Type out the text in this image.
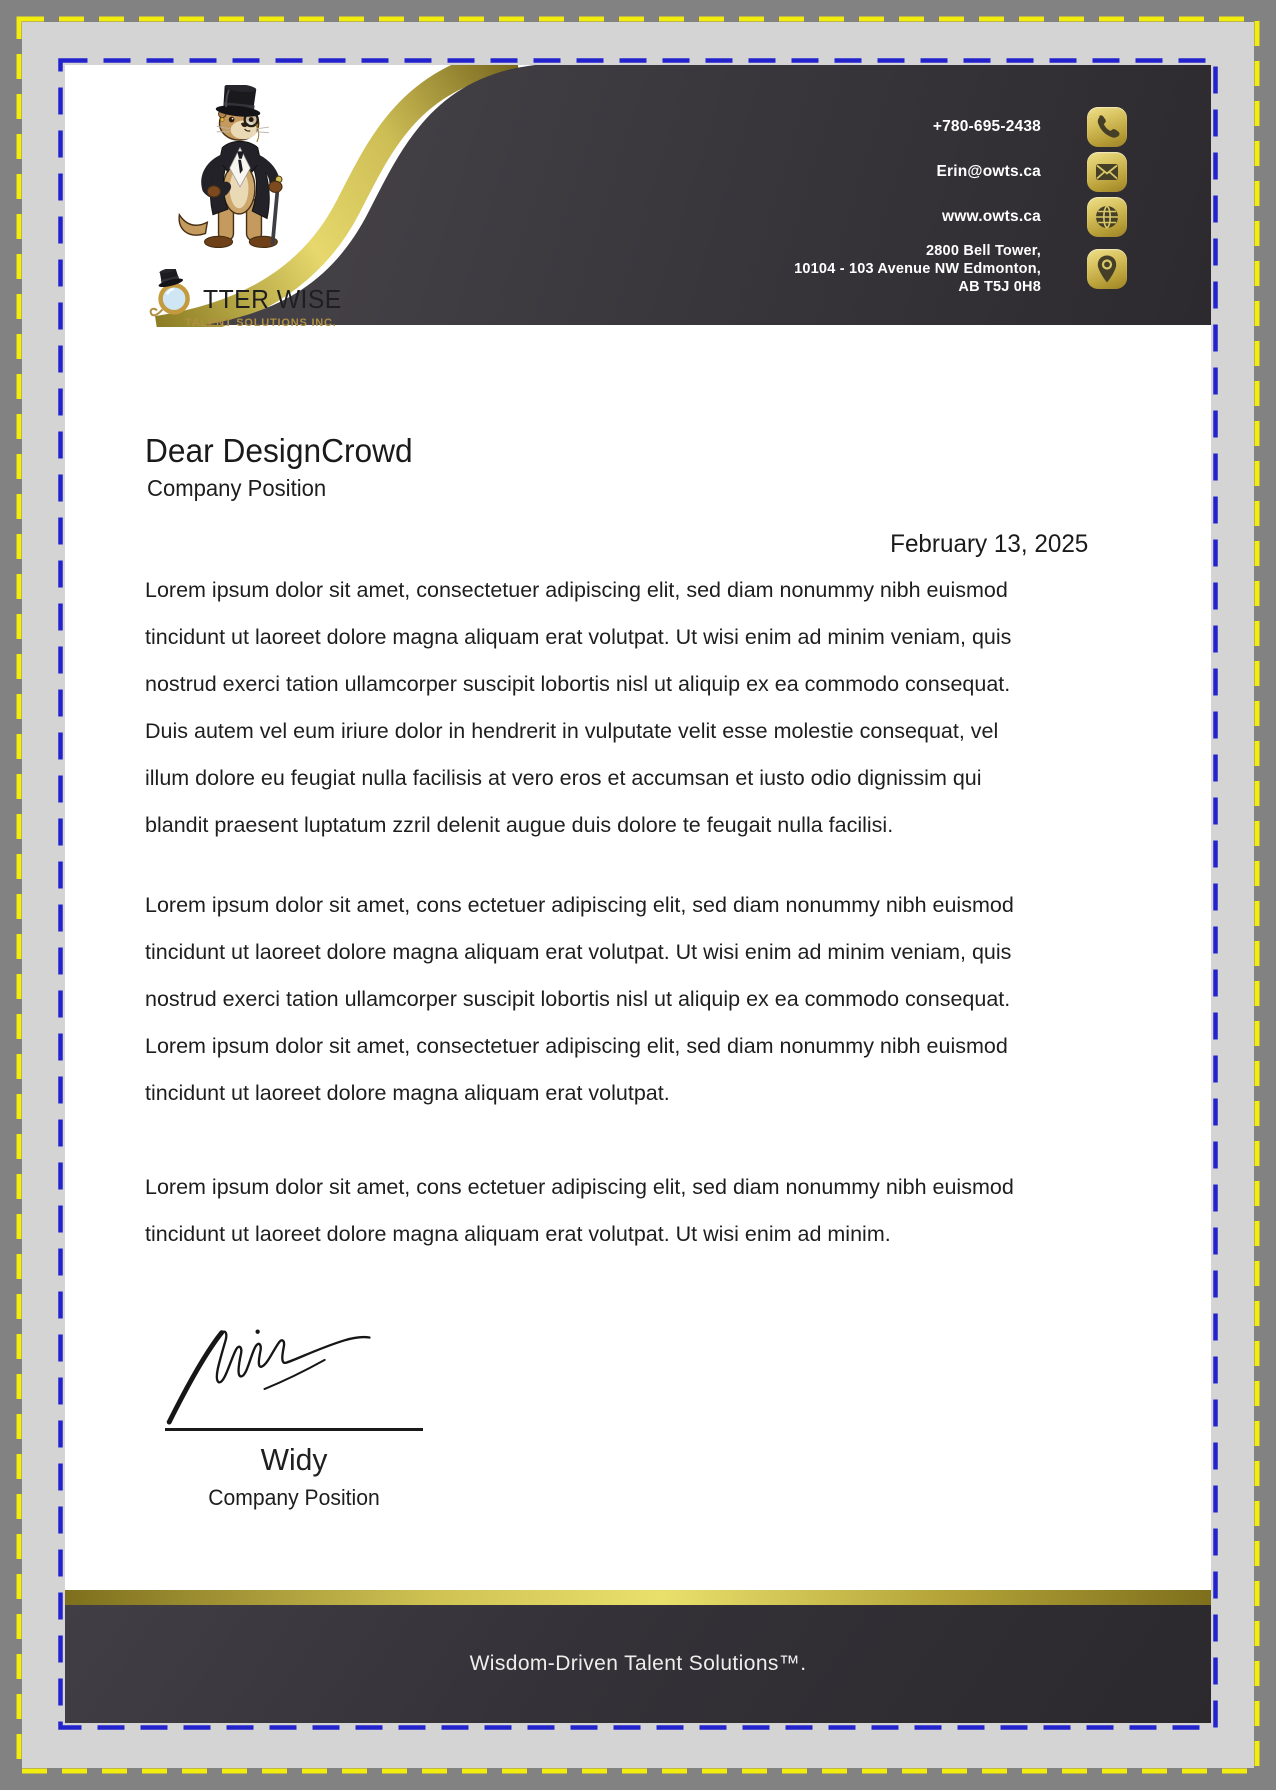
TTER WISE
TALENT SOLUTIONS INC.
+780-695-2438
Erin@owts.ca
www.owts.ca
2800 Bell Tower,
10104 - 103 Avenue NW Edmonton,
AB T5J 0H8
Dear DesignCrowd
Company Position
February 13, 2025
Lorem ipsum dolor sit amet, consectetuer adipiscing elit, sed diam nonummy nibh euismod
tincidunt ut laoreet dolore magna aliquam erat volutpat. Ut wisi enim ad minim veniam, quis
nostrud exerci tation ullamcorper suscipit lobortis nisl ut aliquip ex ea commodo consequat.
Duis autem vel eum iriure dolor in hendrerit in vulputate velit esse molestie consequat, vel
illum dolore eu feugiat nulla facilisis at vero eros et accumsan et iusto odio dignissim qui
blandit praesent luptatum zzril delenit augue duis dolore te feugait nulla facilisi.
Lorem ipsum dolor sit amet, cons ectetuer adipiscing elit, sed diam nonummy nibh euismod
tincidunt ut laoreet dolore magna aliquam erat volutpat. Ut wisi enim ad minim veniam, quis
nostrud exerci tation ullamcorper suscipit lobortis nisl ut aliquip ex ea commodo consequat.
Lorem ipsum dolor sit amet, consectetuer adipiscing elit, sed diam nonummy nibh euismod
tincidunt ut laoreet dolore magna aliquam erat volutpat.
Lorem ipsum dolor sit amet, cons ectetuer adipiscing elit, sed diam nonummy nibh euismod
tincidunt ut laoreet dolore magna aliquam erat volutpat. Ut wisi enim ad minim.
Widy
Company Position
Wisdom-Driven Talent Solutions™.
